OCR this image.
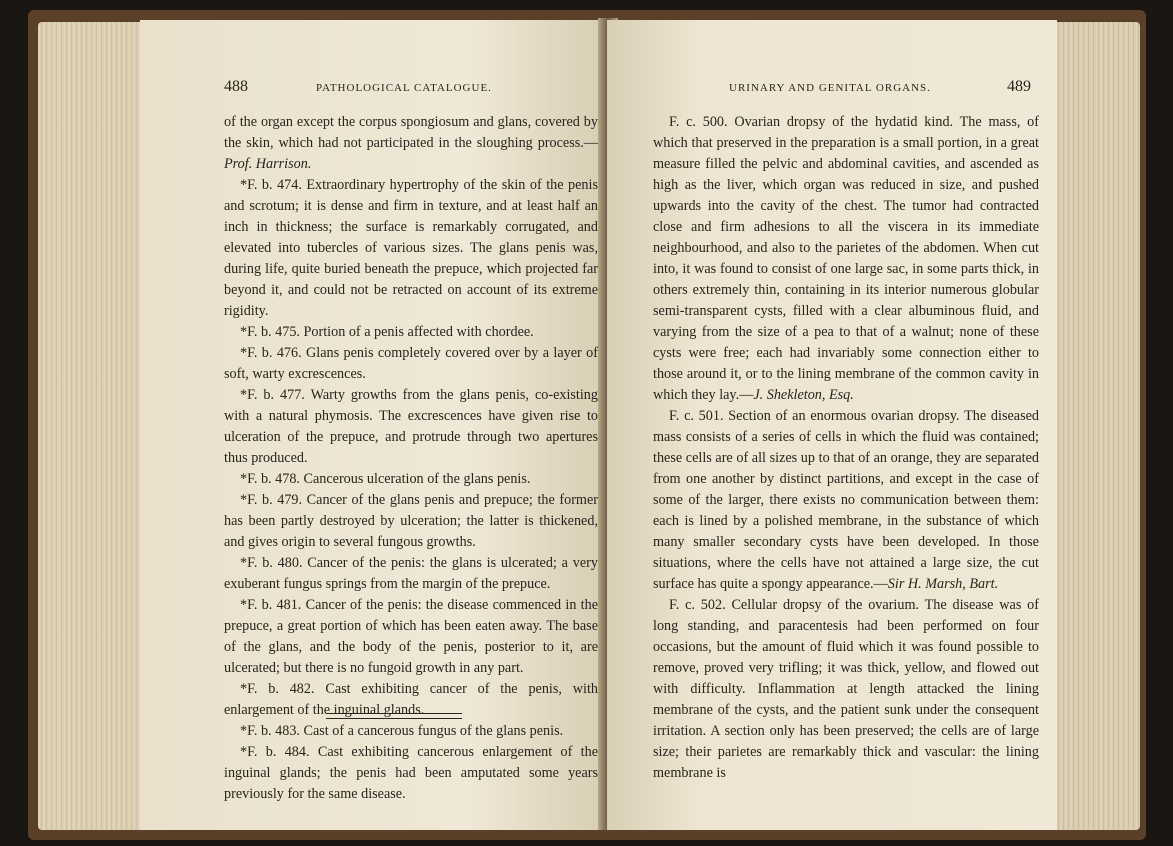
488	PATHOLOGICAL CATALOGUE.

of the organ except the corpus spongiosum and glans, covered by the skin, which had not participated in the sloughing process.—Prof. Harrison.

*F. b. 474. Extraordinary hypertrophy of the skin of the penis and scrotum; it is dense and firm in texture, and at least half an inch in thickness; the surface is remarkably corrugated, and elevated into tubercles of various sizes. The glans penis was, during life, quite buried beneath the prepuce, which projected far beyond it, and could not be retracted on account of its extreme rigidity.

*F. b. 475. Portion of a penis affected with chordee.

*F. b. 476. Glans penis completely covered over by a layer of soft, warty excrescences.

*F. b. 477. Warty growths from the glans penis, co-existing with a natural phymosis. The excrescences have given rise to ulceration of the prepuce, and protrude through two apertures thus produced.

*F. b. 478. Cancerous ulceration of the glans penis.

*F. b. 479. Cancer of the glans penis and prepuce; the former has been partly destroyed by ulceration; the latter is thickened, and gives origin to several fungous growths.

*F. b. 480. Cancer of the penis: the glans is ulcerated; a very exuberant fungus springs from the margin of the prepuce.

*F. b. 481. Cancer of the penis: the disease commenced in the prepuce, a great portion of which has been eaten away. The base of the glans, and the body of the penis, posterior to it, are ulcerated; but there is no fungoid growth in any part.

*F. b. 482. Cast exhibiting cancer of the penis, with enlargement of the inguinal glands.

*F. b. 483. Cast of a cancerous fungus of the glans penis.

*F. b. 484. Cast exhibiting cancerous enlargement of the inguinal glands; the penis had been amputated some years previously for the same disease.

URINARY AND GENITAL ORGANS.	489

F. c. 500. Ovarian dropsy of the hydatid kind. The mass, of which that preserved in the preparation is a small portion, in a great measure filled the pelvic and abdominal cavities, and ascended as high as the liver, which organ was reduced in size, and pushed upwards into the cavity of the chest. The tumor had contracted close and firm adhesions to all the viscera in its immediate neighbourhood, and also to the parietes of the abdomen. When cut into, it was found to consist of one large sac, in some parts thick, in others extremely thin, containing in its interior numerous globular semi-transparent cysts, filled with a clear albuminous fluid, and varying from the size of a pea to that of a walnut; none of these cysts were free; each had invariably some connection either to those around it, or to the lining membrane of the common cavity in which they lay.—J. Shekleton, Esq.

F. c. 501. Section of an enormous ovarian dropsy. The diseased mass consists of a series of cells in which the fluid was contained; these cells are of all sizes up to that of an orange, they are separated from one another by distinct partitions, and except in the case of some of the larger, there exists no communication between them: each is lined by a polished membrane, in the substance of which many smaller secondary cysts have been developed. In those situations, where the cells have not attained a large size, the cut surface has quite a spongy appearance.—Sir H. Marsh, Bart.

F. c. 502. Cellular dropsy of the ovarium. The disease was of long standing, and paracentesis had been performed on four occasions, but the amount of fluid which it was found possible to remove, proved very trifling; it was thick, yellow, and flowed out with difficulty. Inflammation at length attacked the lining membrane of the cysts, and the patient sunk under the consequent irritation. A section only has been preserved; the cells are of large size; their parietes are remarkably thick and vascular: the lining membrane is
